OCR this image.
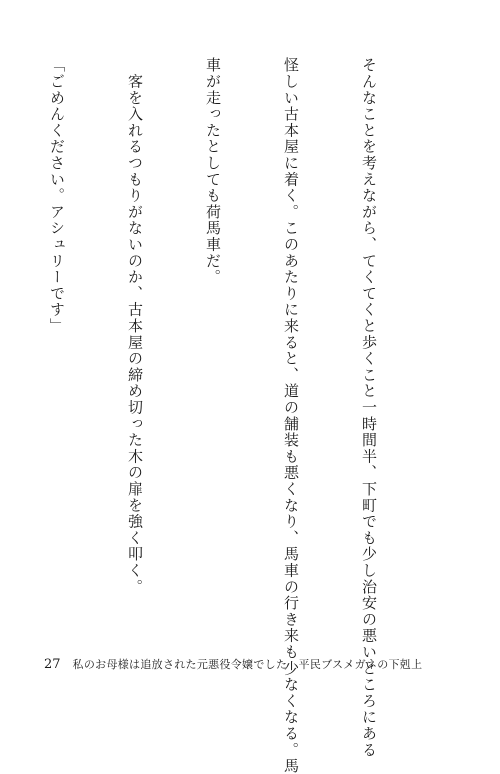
そんなことを考えながら、てくてくと歩くこと一時間半、下町でも少し治安の悪いところにある

怪しい古本屋に着く。このあたりに来ると、道の舗装も悪くなり、馬車の行き来も少なくなる。馬

車が走ったとしても荷馬車だ。

　客を入れるつもりがないのか、古本屋の締め切った木の扉を強く叩く。

「ごめんください。アシュリーです」

27 私のお母様は追放された元悪役令嬢でした　平民ブスメガネの下剋上
